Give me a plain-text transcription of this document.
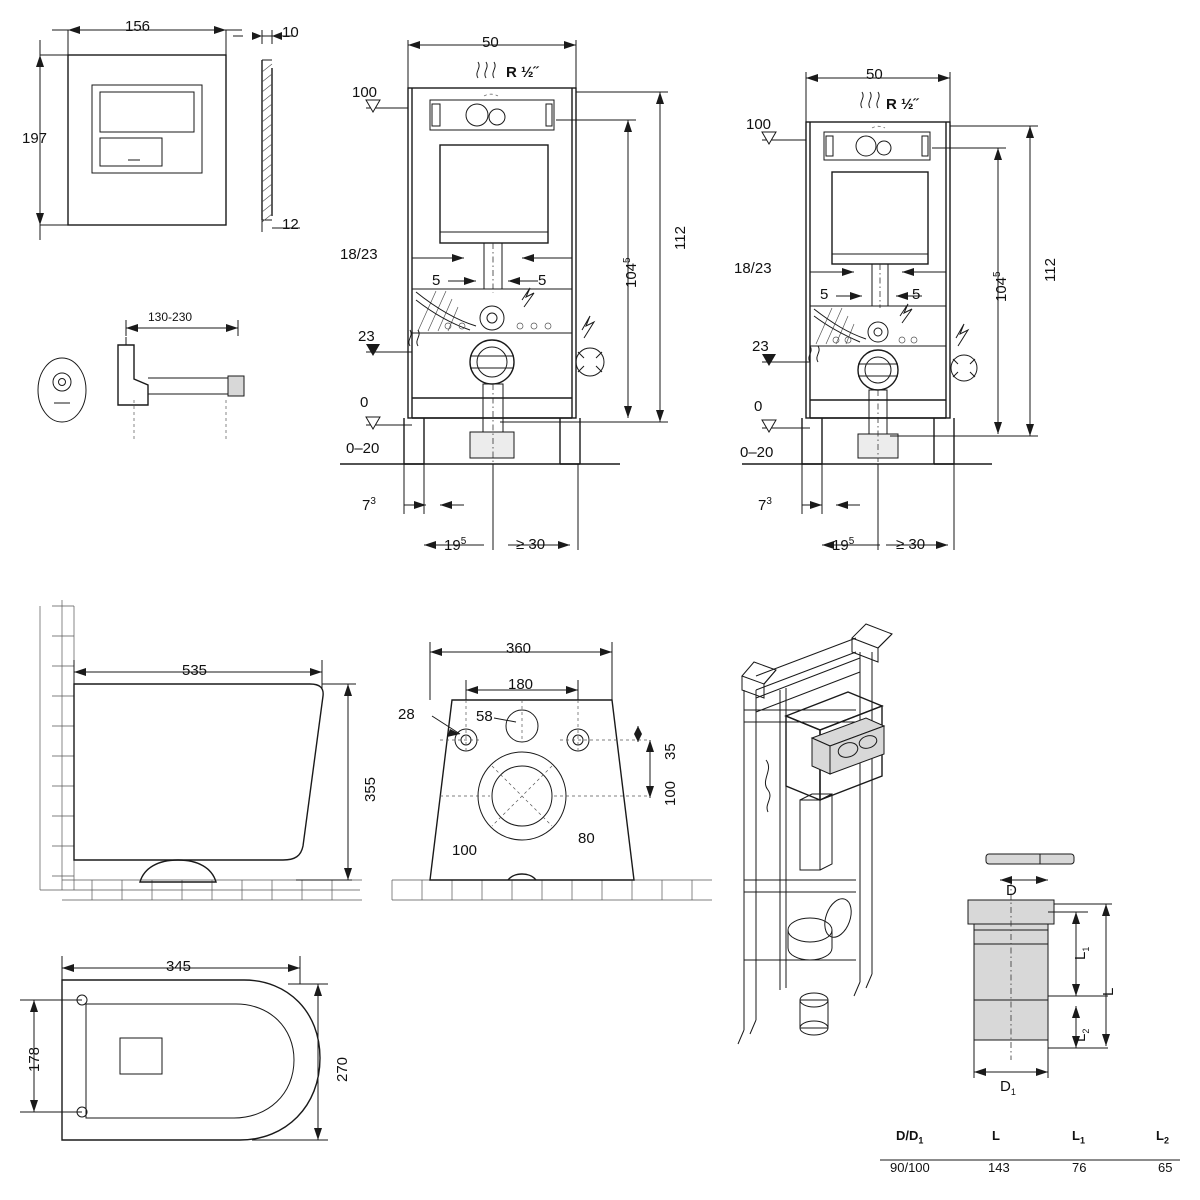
156
197
10
12
130-230
50
R ½˝
100
23
0
0–20
18/23
5	5
112
$104^5$
$7^3$
$19^5$	≥ 30
50
R ½˝
100
23
0
0–20
18/23
5	5
112
$104^5$
$7^3$
$19^5$	≥ 30
535
355
360
180
28	58
35
100
80
100
345
270
178
D
$D_1$
$L_1$
$L_2$
L
$D/D_1$	L	$L_1$	$L_2$
90/100	143	76	65
